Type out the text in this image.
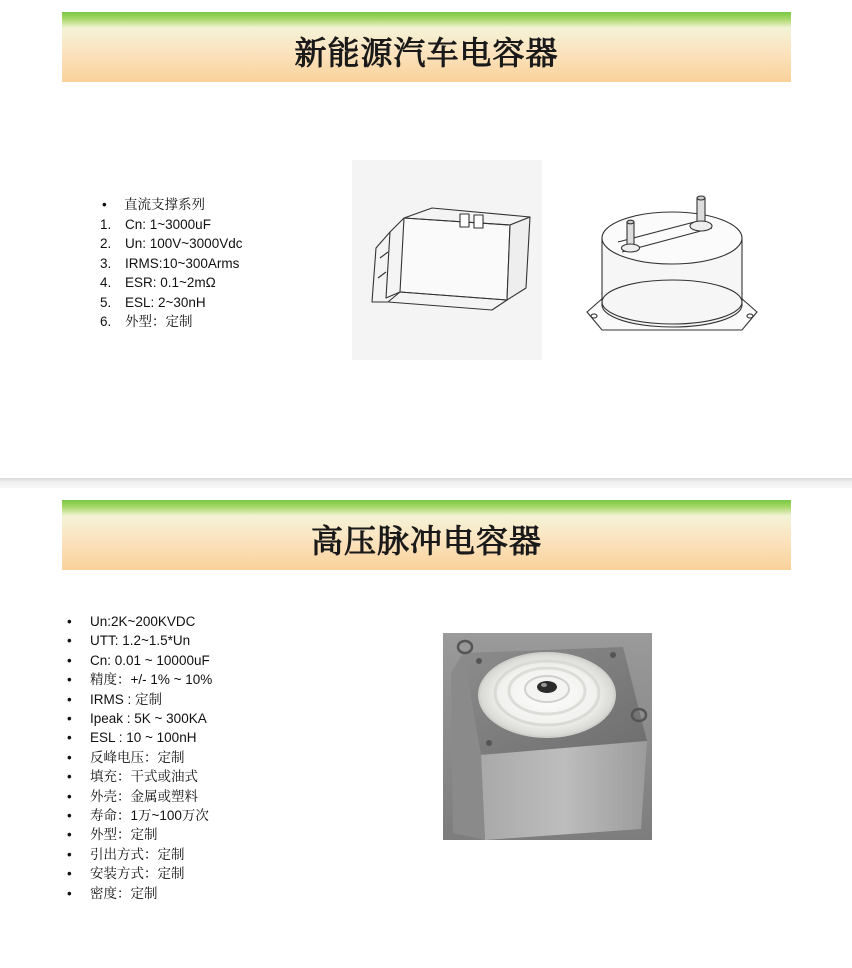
新能源汽车电容器
•	直流支撑系列
1.	Cn: 1~3000uF
2.	Un: 100V~3000Vdc
3.	IRMS:10~300Arms
4.	ESR: 0.1~2mΩ
5.	ESL: 2~30nH
6.	外型：定制
高压脉冲电容器
•	Un:2K~200KVDC
•	UTT: 1.2~1.5*Un
•	Cn: 0.01 ~ 10000uF
•	精度：+/- 1% ~ 10%
•	IRMS : 定制
•	Ipeak : 5K ~ 300KA
•	ESL : 10 ~ 100nH
•	反峰电压：定制
•	填充：干式或油式
•	外壳：金属或塑料
•	寿命：1万~100万次
•	外型：定制
•	引出方式：定制
•	安装方式：定制
•	密度：定制
